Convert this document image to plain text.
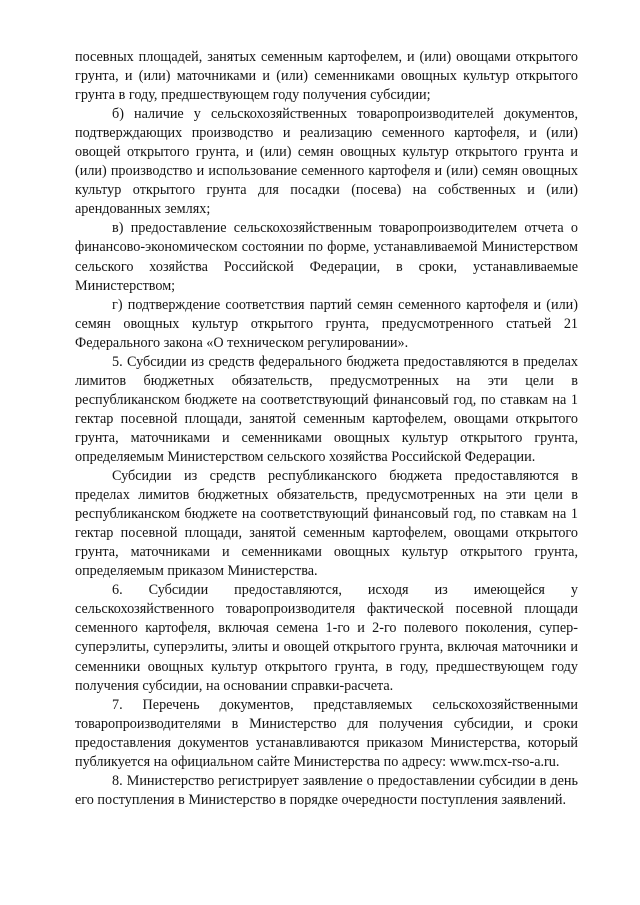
посевных площадей, занятых семенным картофелем, и (или) овощами открытого грунта, и (или) маточниками и (или) семенниками овощных культур открытого грунта в году, предшествующем году получения субсидии;

б) наличие у сельскохозяйственных товаропроизводителей документов, подтверждающих производство и реализацию семенного картофеля, и (или) овощей открытого грунта, и (или) семян овощных культур открытого грунта и (или) производство и использование семенного картофеля и (или) семян овощных культур открытого грунта для посадки (посева) на собственных и (или) арендованных землях;

в) предоставление сельскохозяйственным товаропроизводителем отчета о финансово-экономическом состоянии по форме, устанавливаемой Министерством сельского хозяйства Российской Федерации, в сроки, устанавливаемые Министерством;

г) подтверждение соответствия партий семян семенного картофеля и (или) семян овощных культур открытого грунта, предусмотренного статьей 21 Федерального закона «О техническом регулировании».

5. Субсидии из средств федерального бюджета предоставляются в пределах лимитов бюджетных обязательств, предусмотренных на эти цели в республиканском бюджете на соответствующий финансовый год, по ставкам на 1 гектар посевной площади, занятой семенным картофелем, овощами открытого грунта, маточниками и семенниками овощных культур открытого грунта, определяемым Министерством сельского хозяйства Российской Федерации.

Субсидии из средств республиканского бюджета предоставляются в пределах лимитов бюджетных обязательств, предусмотренных на эти цели в республиканском бюджете на соответствующий финансовый год, по ставкам на 1 гектар посевной площади, занятой семенным картофелем, овощами открытого грунта, маточниками и семенниками овощных культур открытого грунта, определяемым приказом Министерства.

6. Субсидии предоставляются, исходя из имеющейся у сельскохозяйственного товаропроизводителя фактической посевной площади семенного картофеля, включая семена 1-го и 2-го полевого поколения, супер-суперэлиты, суперэлиты, элиты и овощей открытого грунта, включая маточники и семенники овощных культур открытого грунта, в году, предшествующем году получения субсидии, на основании справки-расчета.

7. Перечень документов, представляемых сельскохозяйственными товаропроизводителями в Министерство для получения субсидии, и сроки предоставления документов устанавливаются приказом Министерства, который публикуется на официальном сайте Министерства по адресу: www.mcx-rso-a.ru.

8. Министерство регистрирует заявление о предоставлении субсидии в день его поступления в Министерство в порядке очередности поступления заявлений.
